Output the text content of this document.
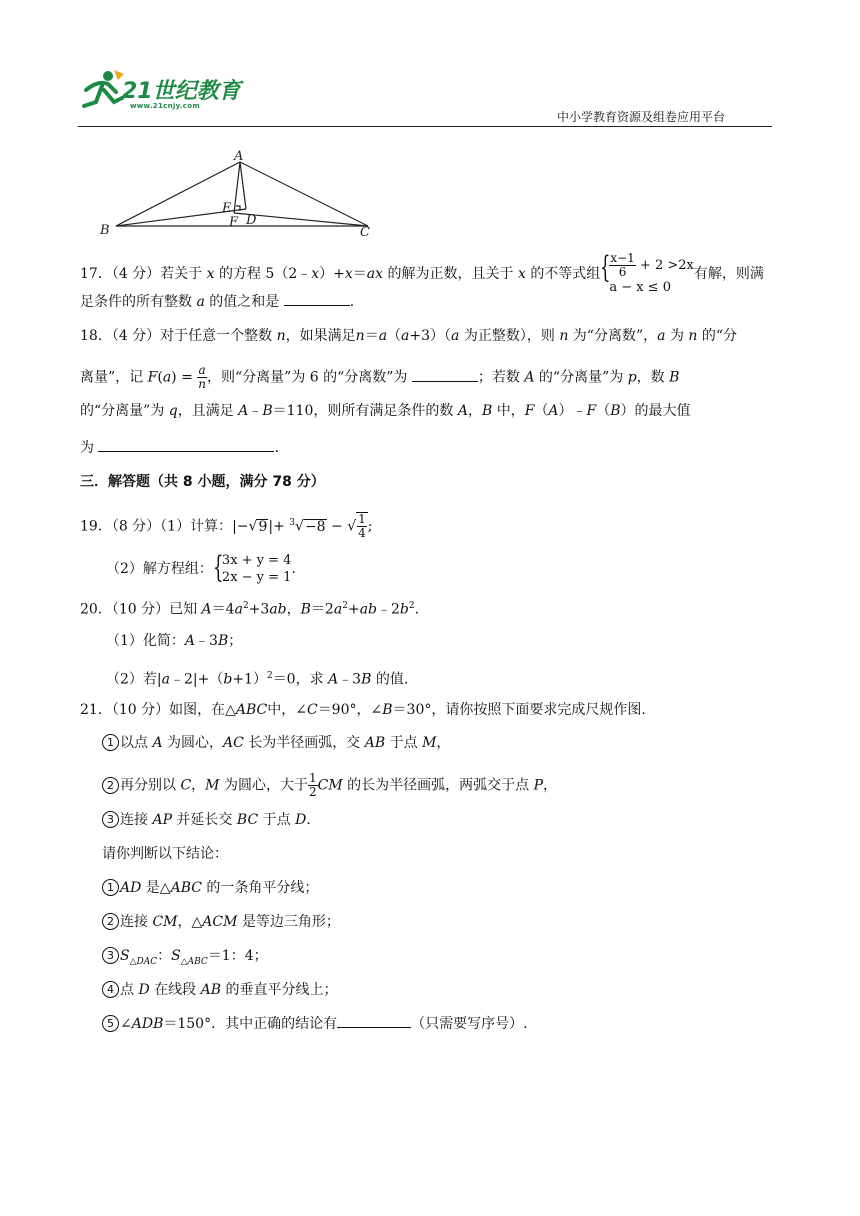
21世纪教育
www.21cnjy.com
中小学教育资源及组卷应用平台
A
B	C
E
F D
17．（4 分）若关于 x 的方程 5（2﹣x）+x＝ax 的解为正数，且关于 x 的不等式组 {
$\frac{x-1}{6} + 2 >2x$
a − x ≤ 0
有解，则满
足条件的所有整数 a 的值之和是	.
18．（4 分）对于任意一个整数 n，如果满足n＝a（a+3）（a 为正整数），则 n 为“分离数”，a 为 n 的“分
离量”，记 $F(a) = \frac{a}{n}$ ，则“分离量”为 6 的“分离数”为	；若数 A 的“分离量”为 p，数 B
的“分离量”为 q，且满足 A﹣B＝110，则所有满足条件的数 A，B 中，F（A）﹣F（B）的最大值
为	.
三．解答题（共 8 小题，满分 78 分）
19．（8 分）（1）计算：|−√9|+ $^3$√−8 − √ $\frac{1}{4}$ ;
（2）解方程组： {
3x + y = 4
2x − y = 1
.
20．（10 分）已知 $A=4a^2+3ab$，$B=2a^2+ab﹣2b^2$.
（1）化简：A﹣3B；
（2）若$|a﹣2|+(b+1)^2=0$，求 A﹣3B 的值.
21．（10 分）如图，在△ABC中，∠C＝90°，∠B＝30°，请你按照下面要求完成尺规作图.
1 以点 A 为圆心，AC 长为半径画弧，交 AB 于点 M，
2 再分别以 C，M 为圆心，大于 $\frac{1}{2}$ CM 的长为半径画弧，两弧交于点 P，
3 连接 AP 并延长交 BC 于点 D.
请你判断以下结论：
1 AD 是△ABC 的一条角平分线；
2 连接 CM，△ACM 是等边三角形；
3 $S_{\triangle DAC}$：$S_{\triangle ABC}=1$：4；
4 点 D 在线段 AB 的垂直平分线上；
5 ∠ADB＝150°．其中正确的结论有	（只需要写序号）.
